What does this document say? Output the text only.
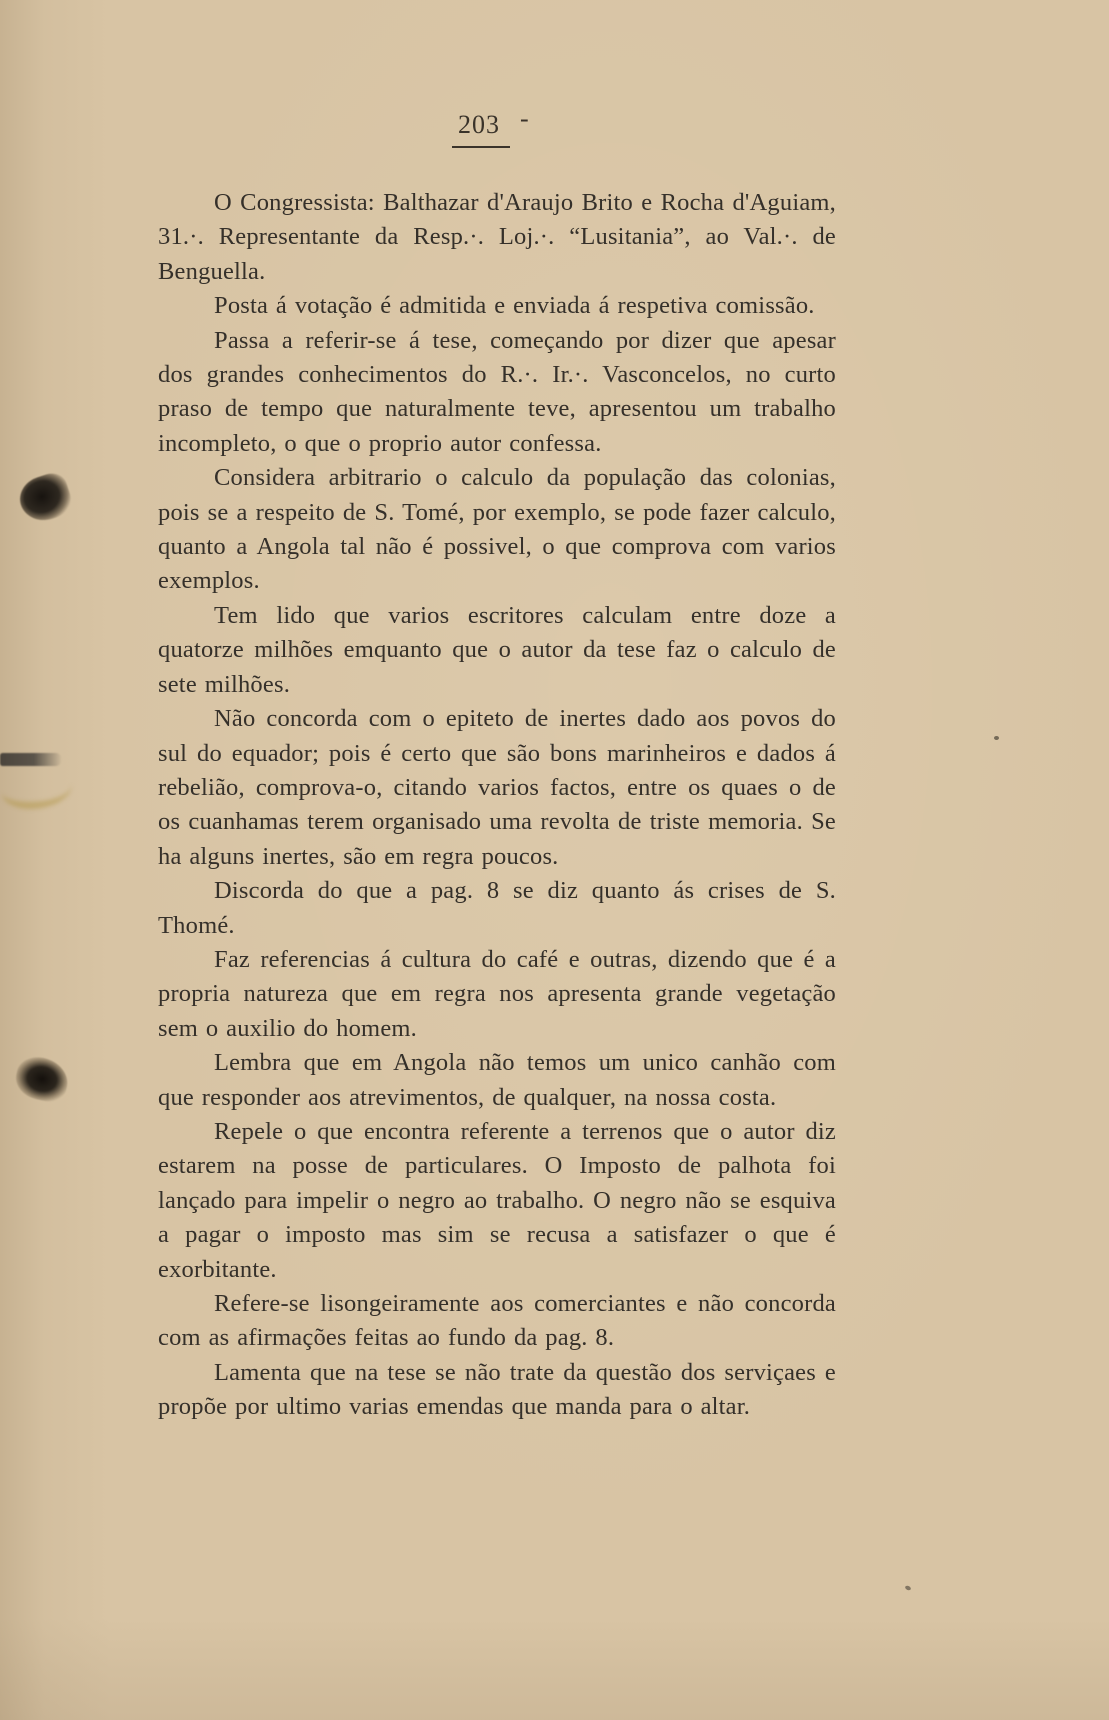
203 -

O Congressista: Balthazar d'Araujo Brito e Rocha d'Aguiam, 31.·. Representante da Resp.·. Loj.·. “Lusitania”, ao Val.·. de Benguella.

Posta á votação é admitida e enviada á respetiva comissão.

Passa a referir-se á tese, começando por dizer que apesar dos grandes conhecimentos do R.·. Ir.·. Vasconcelos, no curto praso de tempo que naturalmente teve, apresentou um trabalho incompleto, o que o proprio autor confessa.

Considera arbitrario o calculo da população das colonias, pois se a respeito de S. Tomé, por exemplo, se pode fazer calculo, quanto a Angola tal não é possivel, o que comprova com varios exemplos.

Tem lido que varios escritores calculam entre doze a quatorze milhões emquanto que o autor da tese faz o calculo de sete milhões.

Não concorda com o epiteto de inertes dado aos povos do sul do equador; pois é certo que são bons marinheiros e dados á rebelião, comprova-o, citando varios factos, entre os quaes o de os cuanhamas terem organisado uma revolta de triste memoria. Se ha alguns inertes, são em regra poucos.

Discorda do que a pag. 8 se diz quanto ás crises de S. Thomé.

Faz referencias á cultura do café e outras, dizendo que é a propria natureza que em regra nos apresenta grande vegetação sem o auxilio do homem.

Lembra que em Angola não temos um unico canhão com que responder aos atrevimentos, de qualquer, na nossa costa.

Repele o que encontra referente a terrenos que o autor diz estarem na posse de particulares. O Imposto de palhota foi lançado para impelir o negro ao trabalho. O negro não se esquiva a pagar o imposto mas sim se recusa a satisfazer o que é exorbitante.

Refere-se lisongeiramente aos comerciantes e não concorda com as afirmações feitas ao fundo da pag. 8.

Lamenta que na tese se não trate da questão dos serviçaes e propõe por ultimo varias emendas que manda para o altar.
